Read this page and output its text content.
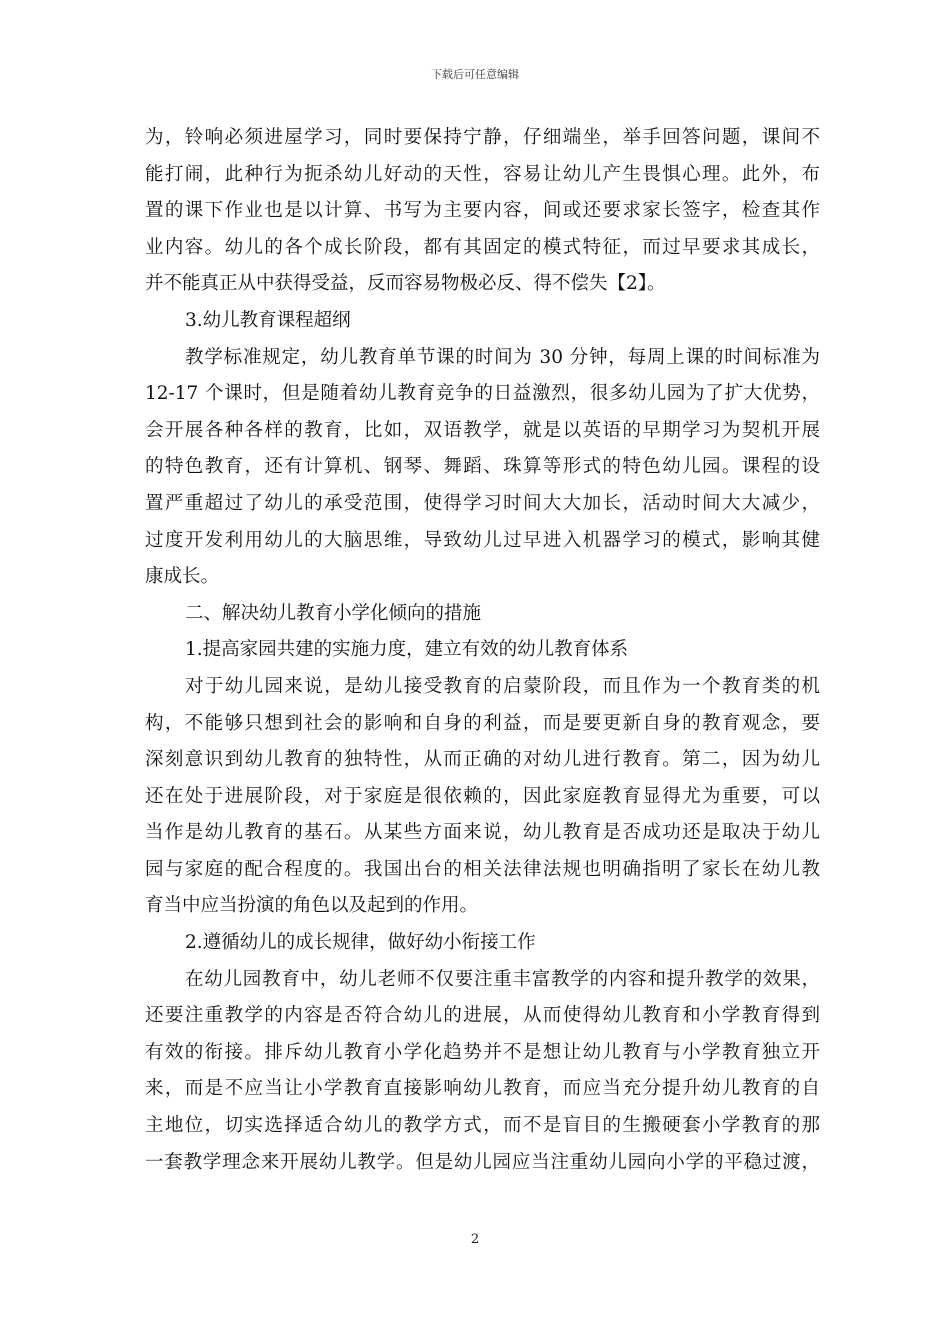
下载后可任意编辑
为，铃响必须进屋学习，同时要保持宁静，仔细端坐，举手回答问题，课间不
能打闹，此种行为扼杀幼儿好动的天性，容易让幼儿产生畏惧心理。此外，布
置的课下作业也是以计算、书写为主要内容，间或还要求家长签字，检查其作
业内容。幼儿的各个成长阶段，都有其固定的模式特征，而过早要求其成长，
并不能真正从中获得受益，反而容易物极必反、得不偿失【2】。
3.幼儿教育课程超纲
教学标准规定，幼儿教育单节课的时间为 30 分钟，每周上课的时间标准为
12-17 个课时，但是随着幼儿教育竞争的日益激烈，很多幼儿园为了扩大优势，
会开展各种各样的教育，比如，双语教学，就是以英语的早期学习为契机开展
的特色教育，还有计算机、钢琴、舞蹈、珠算等形式的特色幼儿园。课程的设
置严重超过了幼儿的承受范围，使得学习时间大大加长，活动时间大大减少，
过度开发利用幼儿的大脑思维，导致幼儿过早进入机器学习的模式，影响其健
康成长。
二、解决幼儿教育小学化倾向的措施
1.提高家园共建的实施力度，建立有效的幼儿教育体系
对于幼儿园来说，是幼儿接受教育的启蒙阶段，而且作为一个教育类的机
构，不能够只想到社会的影响和自身的利益，而是要更新自身的教育观念，要
深刻意识到幼儿教育的独特性，从而正确的对幼儿进行教育。第二，因为幼儿
还在处于进展阶段，对于家庭是很依赖的，因此家庭教育显得尤为重要，可以
当作是幼儿教育的基石。从某些方面来说，幼儿教育是否成功还是取决于幼儿
园与家庭的配合程度的。我国出台的相关法律法规也明确指明了家长在幼儿教
育当中应当扮演的角色以及起到的作用。
2.遵循幼儿的成长规律，做好幼小衔接工作
在幼儿园教育中，幼儿老师不仅要注重丰富教学的内容和提升教学的效果，
还要注重教学的内容是否符合幼儿的进展，从而使得幼儿教育和小学教育得到
有效的衔接。排斥幼儿教育小学化趋势并不是想让幼儿教育与小学教育独立开
来，而是不应当让小学教育直接影响幼儿教育，而应当充分提升幼儿教育的自
主地位，切实选择适合幼儿的教学方式，而不是盲目的生搬硬套小学教育的那
一套教学理念来开展幼儿教学。但是幼儿园应当注重幼儿园向小学的平稳过渡，
2
